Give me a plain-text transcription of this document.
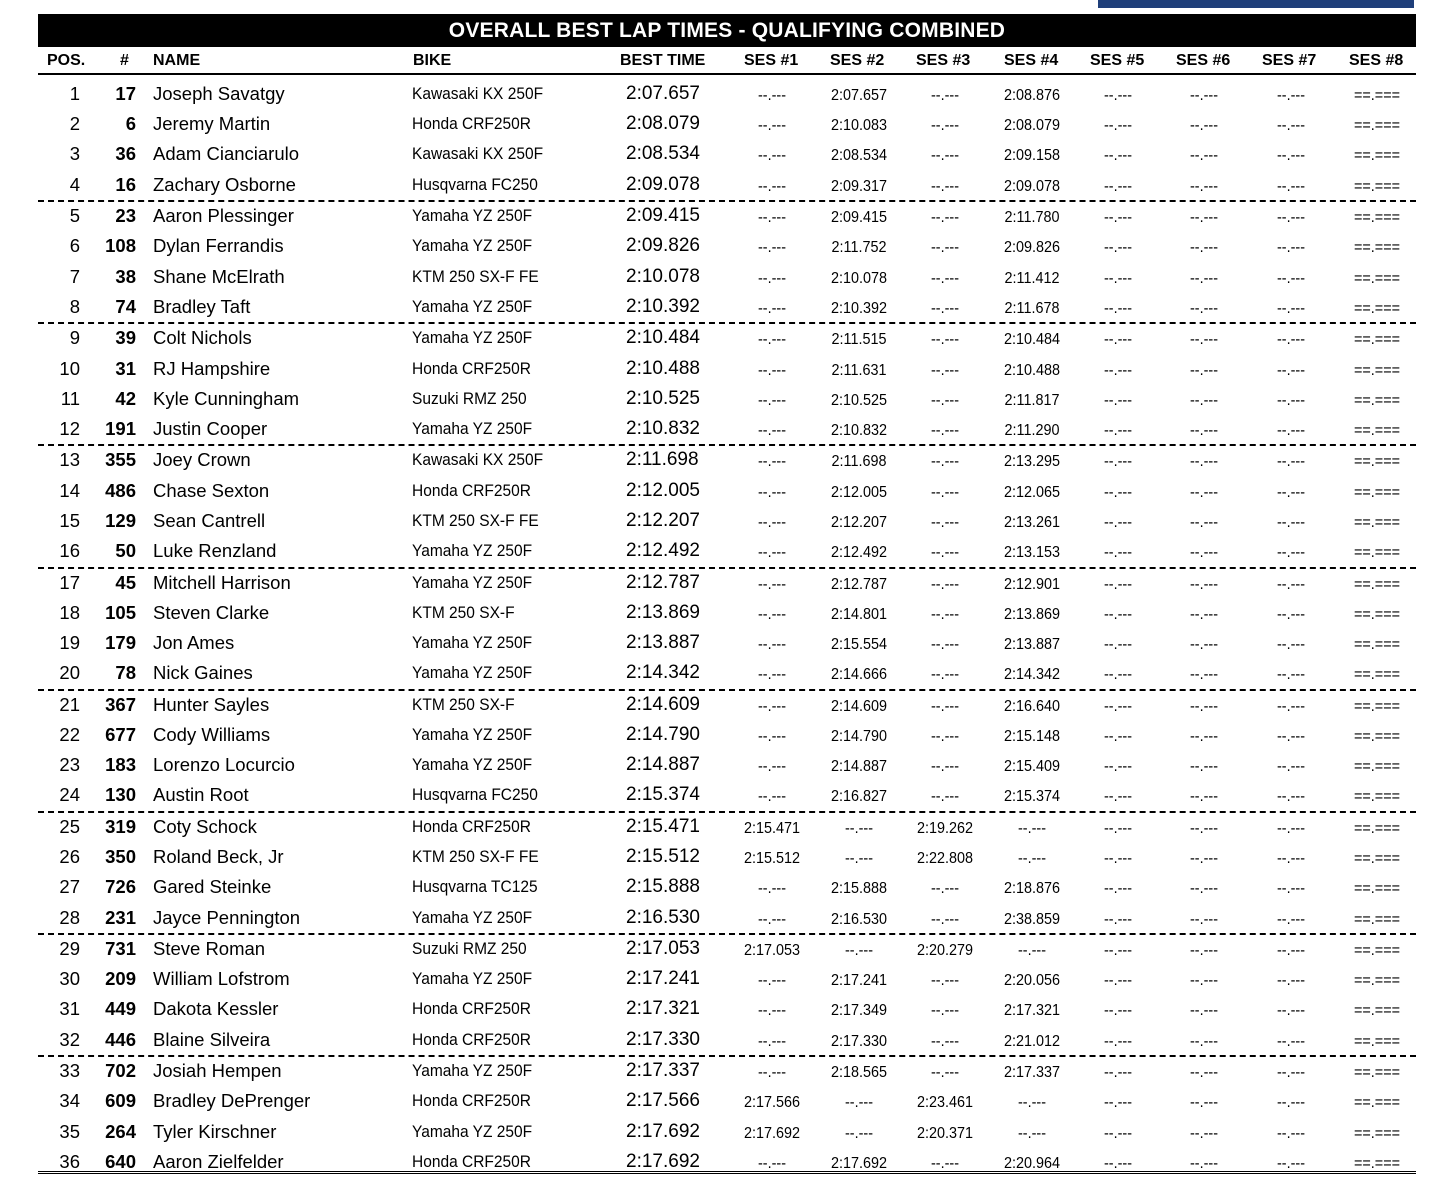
OVERALL BEST LAP TIMES - QUALIFYING COMBINED
POS. # NAME	BIKE	BEST TIME SES #1 SES #2 SES #3 SES #4 SES #5 SES #6 SES #7 SES #8
1	17 Joseph Savatgy	Kawasaki KX 250F	2:07.657	--.---	2:07.657	--.---	2:08.876	--.---	--.---	--.---	==.===
2	6 Jeremy Martin	Honda CRF250R	2:08.079	--.---	2:10.083	--.---	2:08.079	--.---	--.---	--.---	==.===
3	36 Adam Cianciarulo	Kawasaki KX 250F	2:08.534	--.---	2:08.534	--.---	2:09.158	--.---	--.---	--.---	==.===
4	16 Zachary Osborne	Husqvarna FC250	2:09.078	--.---	2:09.317	--.---	2:09.078	--.---	--.---	--.---	==.===
5	23 Aaron Plessinger	Yamaha YZ 250F	2:09.415	--.---	2:09.415	--.---	2:11.780	--.---	--.---	--.---	==.===
6	108 Dylan Ferrandis	Yamaha YZ 250F	2:09.826	--.---	2:11.752	--.---	2:09.826	--.---	--.---	--.---	==.===
7	38 Shane McElrath	KTM 250 SX-F FE	2:10.078	--.---	2:10.078	--.---	2:11.412	--.---	--.---	--.---	==.===
8	74 Bradley Taft	Yamaha YZ 250F	2:10.392	--.---	2:10.392	--.---	2:11.678	--.---	--.---	--.---	==.===
9	39 Colt Nichols	Yamaha YZ 250F	2:10.484	--.---	2:11.515	--.---	2:10.484	--.---	--.---	--.---	==.===
10	31 RJ Hampshire	Honda CRF250R	2:10.488	--.---	2:11.631	--.---	2:10.488	--.---	--.---	--.---	==.===
11	42 Kyle Cunningham	Suzuki RMZ 250	2:10.525	--.---	2:10.525	--.---	2:11.817	--.---	--.---	--.---	==.===
12	191 Justin Cooper	Yamaha YZ 250F	2:10.832	--.---	2:10.832	--.---	2:11.290	--.---	--.---	--.---	==.===
13	355 Joey Crown	Kawasaki KX 250F	2:11.698	--.---	2:11.698	--.---	2:13.295	--.---	--.---	--.---	==.===
14	486 Chase Sexton	Honda CRF250R	2:12.005	--.---	2:12.005	--.---	2:12.065	--.---	--.---	--.---	==.===
15	129 Sean Cantrell	KTM 250 SX-F FE	2:12.207	--.---	2:12.207	--.---	2:13.261	--.---	--.---	--.---	==.===
16	50 Luke Renzland	Yamaha YZ 250F	2:12.492	--.---	2:12.492	--.---	2:13.153	--.---	--.---	--.---	==.===
17	45 Mitchell Harrison	Yamaha YZ 250F	2:12.787	--.---	2:12.787	--.---	2:12.901	--.---	--.---	--.---	==.===
18	105 Steven Clarke	KTM 250 SX-F	2:13.869	--.---	2:14.801	--.---	2:13.869	--.---	--.---	--.---	==.===
19	179 Jon Ames	Yamaha YZ 250F	2:13.887	--.---	2:15.554	--.---	2:13.887	--.---	--.---	--.---	==.===
20	78 Nick Gaines	Yamaha YZ 250F	2:14.342	--.---	2:14.666	--.---	2:14.342	--.---	--.---	--.---	==.===
21	367 Hunter Sayles	KTM 250 SX-F	2:14.609	--.---	2:14.609	--.---	2:16.640	--.---	--.---	--.---	==.===
22	677 Cody Williams	Yamaha YZ 250F	2:14.790	--.---	2:14.790	--.---	2:15.148	--.---	--.---	--.---	==.===
23	183 Lorenzo Locurcio	Yamaha YZ 250F	2:14.887	--.---	2:14.887	--.---	2:15.409	--.---	--.---	--.---	==.===
24	130 Austin Root	Husqvarna FC250	2:15.374	--.---	2:16.827	--.---	2:15.374	--.---	--.---	--.---	==.===
25	319 Coty Schock	Honda CRF250R	2:15.471	2:15.471	--.---	2:19.262	--.---	--.---	--.---	--.---	==.===
26	350 Roland Beck, Jr	KTM 250 SX-F FE	2:15.512	2:15.512	--.---	2:22.808	--.---	--.---	--.---	--.---	==.===
27	726 Gared Steinke	Husqvarna TC125	2:15.888	--.---	2:15.888	--.---	2:18.876	--.---	--.---	--.---	==.===
28	231 Jayce Pennington	Yamaha YZ 250F	2:16.530	--.---	2:16.530	--.---	2:38.859	--.---	--.---	--.---	==.===
29	731 Steve Roman	Suzuki RMZ 250	2:17.053	2:17.053	--.---	2:20.279	--.---	--.---	--.---	--.---	==.===
30	209 William Lofstrom	Yamaha YZ 250F	2:17.241	--.---	2:17.241	--.---	2:20.056	--.---	--.---	--.---	==.===
31	449 Dakota Kessler	Honda CRF250R	2:17.321	--.---	2:17.349	--.---	2:17.321	--.---	--.---	--.---	==.===
32	446 Blaine Silveira	Honda CRF250R	2:17.330	--.---	2:17.330	--.---	2:21.012	--.---	--.---	--.---	==.===
33	702 Josiah Hempen	Yamaha YZ 250F	2:17.337	--.---	2:18.565	--.---	2:17.337	--.---	--.---	--.---	==.===
34	609 Bradley DePrenger	Honda CRF250R	2:17.566	2:17.566	--.---	2:23.461	--.---	--.---	--.---	--.---	==.===
35	264 Tyler Kirschner	Yamaha YZ 250F	2:17.692	2:17.692	--.---	2:20.371	--.---	--.---	--.---	--.---	==.===
36	640 Aaron Zielfelder	Honda CRF250R	2:17.692	--.---	2:17.692	--.---	2:20.964	--.---	--.---	--.---	==.===
